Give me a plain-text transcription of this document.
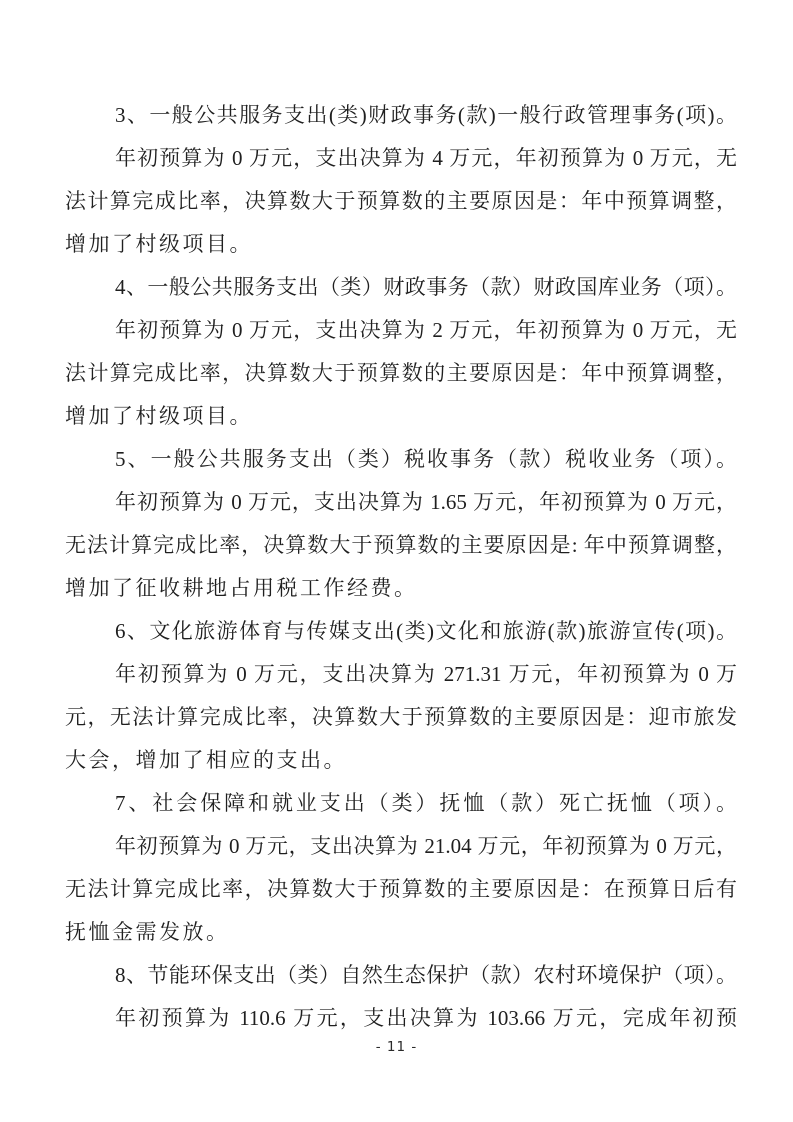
3、一般公共服务支出(类)财政事务(款)一般行政管理事务(项)。
年初预算为 0 万元，支出决算为 4 万元，年初预算为 0 万元，无
法计算完成比率，决算数大于预算数的主要原因是：年中预算调整，
增加了村级项目。
4、一般公共服务支出（类）财政事务（款）财政国库业务（项）。
年初预算为 0 万元，支出决算为 2 万元，年初预算为 0 万元，无
法计算完成比率，决算数大于预算数的主要原因是：年中预算调整，
增加了村级项目。
5、一般公共服务支出（类）税收事务（款）税收业务（项）。
年初预算为 0 万元，支出决算为 1.65 万元，年初预算为 0 万元，
无法计算完成比率，决算数大于预算数的主要原因是: 年中预算调整，
增加了征收耕地占用税工作经费。
6、文化旅游体育与传媒支出(类)文化和旅游(款)旅游宣传(项)。
年初预算为 0 万元，支出决算为 271.31 万元，年初预算为 0 万
元，无法计算完成比率，决算数大于预算数的主要原因是：迎市旅发
大会，增加了相应的支出。
7、社会保障和就业支出（类）抚恤（款）死亡抚恤（项）。
年初预算为 0 万元，支出决算为 21.04 万元，年初预算为 0 万元，
无法计算完成比率，决算数大于预算数的主要原因是：在预算日后有
抚恤金需发放。
8、节能环保支出（类）自然生态保护（款）农村环境保护（项）。
年初预算为 110.6 万元，支出决算为 103.66 万元，完成年初预
- 11 -
